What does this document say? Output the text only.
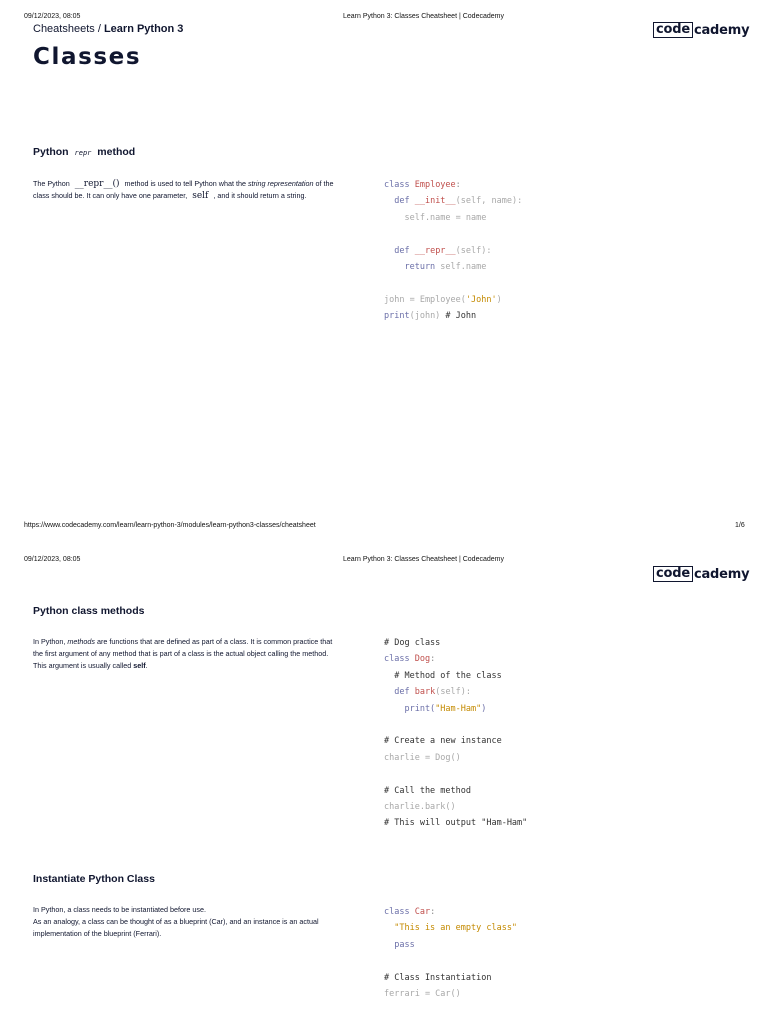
09/12/2023, 08:05	Learn Python 3: Classes Cheatsheet | Codecademy
Cheatsheets / Learn Python 3	code cademy
Classes
Python repr method
The Python __repr__() method is used to tell Python what the string representation of the class should be. It can only have one parameter, self , and it should return a string.
class Employee:
def __init__(self, name):
self.name = name

def __repr__(self):
return self.name

john = Employee('John')
print(john) # John
https://www.codecademy.com/learn/learn-python-3/modules/learn-python3-classes/cheatsheet	1/6
09/12/2023, 08:05	Learn Python 3: Classes Cheatsheet | Codecademy
code cademy
Python class methods
In Python, methods are functions that are defined as part of a class. It is common practice that the first argument of any method that is part of a class is the actual object calling the method. This argument is usually called self.
# Dog class
class Dog:
# Method of the class
def bark(self):
print("Ham-Ham")

# Create a new instance
charlie = Dog()

# Call the method
charlie.bark()
# This will output "Ham-Ham"
Instantiate Python Class
In Python, a class needs to be instantiated before use.
As an analogy, a class can be thought of as a blueprint (Car), and an instance is an actual implementation of the blueprint (Ferrari).
class Car:
"This is an empty class"
pass

# Class Instantiation
ferrari = Car()
